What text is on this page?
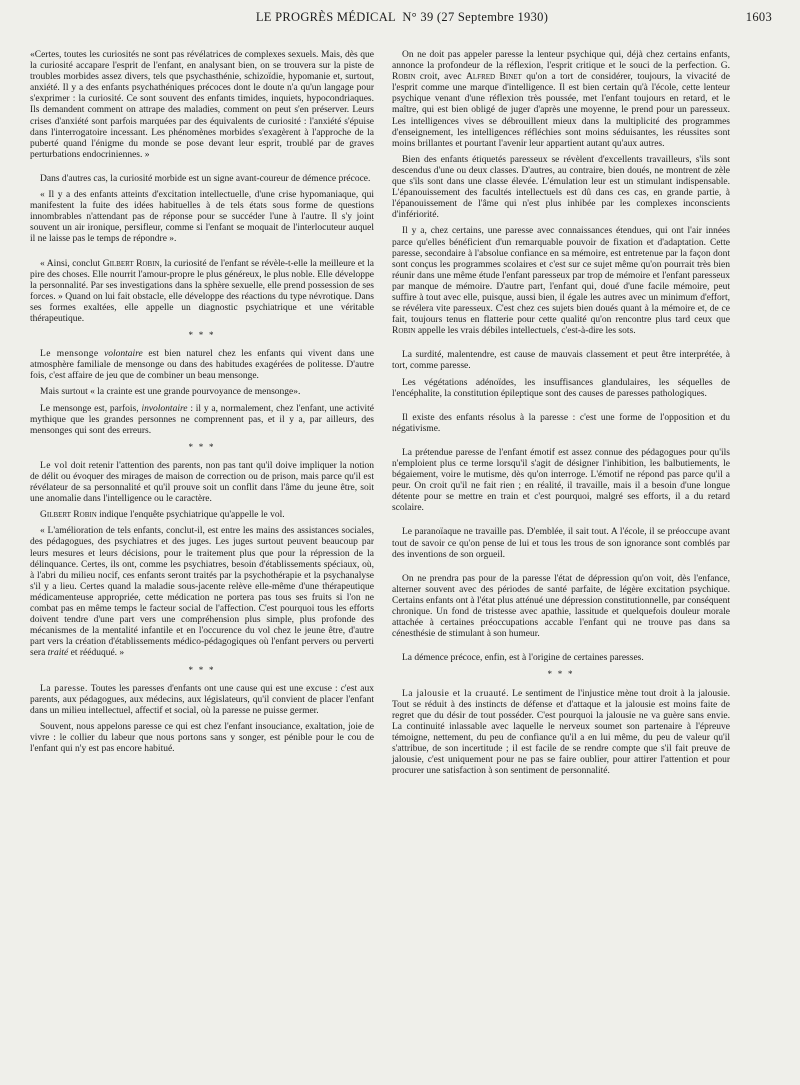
LE PROGRÈS MÉDICAL N° 39 (27 Septembre 1930)	1603

«Certes, toutes les curiosités ne sont pas révélatrices de complexes sexuels. Mais, dès que la curiosité accapare l'esprit de l'enfant, en analysant bien, on se trouvera sur la piste de troubles morbides assez divers, tels que psychasthénie, schizoïdie, hypomanie et, surtout, anxiété. Il y a des enfants psychathéniques précoces dont le doute n'a qu'un langage pour s'exprimer : la curiosité. Ce sont souvent des enfants timides, inquiets, hypocondriaques. Ils demandent comment on attrape des maladies, comment on peut s'en préserver. Leurs crises d'anxiété sont parfois marquées par des équivalents de curiosité : l'anxiété s'épuise dans l'interrogatoire incessant. Les phénomènes morbides s'exagèrent à l'approche de la puberté quand l'énigme du monde se pose devant leur esprit, troublé par de graves perturbations endocriniennes. »

Dans d'autres cas, la curiosité morbide est un signe avant-coureur de démence précoce.

« Il y a des enfants atteints d'excitation intellectuelle, d'une crise hypomaniaque, qui manifestent la fuite des idées habituelles à de tels états sous forme de questions innombrables n'attendant pas de réponse pour se succéder l'une à l'autre. Il s'y joint souvent un air ironique, persifleur, comme si l'enfant se moquait de l'interlocuteur auquel il ne laisse pas le temps de répondre ».

« Ainsi, conclut Gilbert Robin, la curiosité de l'enfant se révèle-t-elle la meilleure et la pire des choses. Elle nourrit l'amour-propre le plus généreux, le plus noble. Elle développe la personnalité. Par ses investigations dans la sphère sexuelle, elle prend possession de ses forces. » Quand on lui fait obstacle, elle développe des réactions du type névrotique. Dans ses formes exaltées, elle appelle un diagnostic psychiatrique et une véritable thérapeutique.

* * *

Le mensonge volontaire est bien naturel chez les enfants qui vivent dans une atmosphère familiale de mensonge ou dans des habitudes exagérées de politesse. D'autre fois, c'est affaire de jeu que de combiner un beau mensonge.

Mais surtout « la crainte est une grande pourvoyance de mensonge».

Le mensonge est, parfois, involontaire : il y a, normalement, chez l'enfant, une activité mythique que les grandes personnes ne comprennent pas, et il y a, par ailleurs, des mensonges qui sont des erreurs.

* * *

Le vol doit retenir l'attention des parents, non pas tant qu'il doive impliquer la notion de délit ou évoquer des mirages de maison de correction ou de prison, mais parce qu'il est révélateur de sa personnalité et qu'il prouve soit un conflit dans l'âme du jeune être, soit une anomalie dans l'intelligence ou le caractère.

Gilbert Robin indique l'enquête psychiatrique qu'appelle le vol.

« L'amélioration de tels enfants, conclut-il, est entre les mains des assistances sociales, des pédagogues, des psychiatres et des juges. Les juges surtout peuvent beaucoup par leurs mesures et leurs décisions, pour le traitement plus que pour la répression de la délinquance. Certes, ils ont, comme les psychiatres, besoin d'établissements spéciaux, où, à l'abri du milieu nocif, ces enfants seront traités par la psychothérapie et la psychanalyse s'il y a lieu. Certes quand la maladie sous-jacente relève elle-même d'une thérapeutique médicamenteuse appropriée, cette médication ne portera pas tous ses fruits si l'on ne combat pas en même temps le facteur social de l'affection. C'est pourquoi tous les efforts doivent tendre d'une part vers une compréhension plus simple, plus profonde des mécanismes de la mentalité infantile et en l'occurence du vol chez le jeune être, d'autre part vers la création d'établissements médico-pédagogiques où l'enfant pervers ou perverti sera traité et rééduqué. »

* * *

La paresse. Toutes les paresses d'enfants ont une cause qui est une excuse : c'est aux parents, aux pédagogues, aux médecins, aux législateurs, qu'il convient de placer l'enfant dans un milieu intellectuel, affectif et social, où la paresse ne puisse germer.

Souvent, nous appelons paresse ce qui est chez l'enfant insouciance, exaltation, joie de vivre : le collier du labeur que nous portons sans y songer, est pénible pour le cou de l'enfant qui n'y est pas encore habitué.

On ne doit pas appeler paresse la lenteur psychique qui, déjà chez certains enfants, annonce la profondeur de la réflexion, l'esprit critique et le souci de la perfection. G. Robin croit, avec Alfred Binet qu'on a tort de considérer, toujours, la vivacité de l'esprit comme une marque d'intelligence. Il est bien certain qu'à l'école, cette lenteur psychique venant d'une réflexion très poussée, met l'enfant toujours en retard, et le maître, qui est bien obligé de juger d'après une moyenne, le prend pour un paresseux. Les intelligences vives se débrouillent mieux dans la multiplicité des programmes d'enseignement, les intelligences réfléchies sont moins séduisantes, les réussites sont moins brillantes et pourtant l'avenir leur appartient autant qu'aux autres.

Bien des enfants étiquetés paresseux se révèlent d'excellents travailleurs, s'ils sont descendus d'une ou deux classes. D'autres, au contraire, bien doués, ne montrent de zèle que s'ils sont dans une classe élevée. L'émulation leur est un stimulant indispensable. L'épanouissement des facultés intellectuels est dû dans ces cas, en grande partie, à l'épanouissement de l'âme qui n'est plus inhibée par les complexes inconscients d'infériorité.

Il y a, chez certains, une paresse avec connaissances étendues, qui ont l'air innées parce qu'elles bénéficient d'un remarquable pouvoir de fixation et d'adaptation. Cette paresse, secondaire à l'absolue confiance en sa mémoire, est entretenue par la façon dont sont conçus les programmes scolaires et c'est sur ce sujet même qu'on pourrait très bien réunir dans une même étude l'enfant paresseux par trop de mémoire et l'enfant paresseux par manque de mémoire. D'autre part, l'enfant qui, doué d'une facile mémoire, peut suffire à tout avec elle, puisque, aussi bien, il égale les autres avec un minimum d'effort, se révélera vite paresseux. C'est chez ces sujets bien doués quant à la mémoire et, de ce fait, toujours tenus en flatterie pour cette qualité qu'on rencontre plus tard ceux que Robin appelle les vrais débiles intellectuels, c'est-à-dire les sots.

La surdité, malentendre, est cause de mauvais classement et peut être interprétée, à tort, comme paresse.

Les végétations adénoïdes, les insuffisances glandulaires, les séquelles de l'encéphalite, la constitution épileptique sont des causes de paresses pathologiques.

Il existe des enfants résolus à la paresse : c'est une forme de l'opposition et du négativisme.

La prétendue paresse de l'enfant émotif est assez connue des pédagogues pour qu'ils n'emploient plus ce terme lorsqu'il s'agit de désigner l'inhibition, les balbutiements, le bégaiement, voire le mutisme, dès qu'on interroge. L'émotif ne répond pas parce qu'il a peur. On croit qu'il ne fait rien ; en réalité, il travaille, mais il a besoin d'une longue détente pour se mettre en train et c'est pourquoi, malgré ses efforts, il a du retard scolaire.

Le paranoïaque ne travaille pas. D'emblée, il sait tout. A l'école, il se préoccupe avant tout de savoir ce qu'on pense de lui et tous les trous de son ignorance sont comblés par des inventions de son orgueil.

On ne prendra pas pour de la paresse l'état de dépression qu'on voit, dès l'enfance, alterner souvent avec des périodes de santé parfaite, de légère excitation psychique. Certains enfants ont à l'état plus atténué une dépression constitutionnelle, par conséquent chronique. Un fond de tristesse avec apathie, lassitude et quelquefois douleur morale attachée à certaines préoccupations accable l'enfant qui ne trouve pas dans sa cénesthésie de stimulant à son humeur.

La démence précoce, enfin, est à l'origine de certaines paresses.

* * *

La jalousie et la cruauté. Le sentiment de l'injustice mène tout droit à la jalousie. Tout se réduit à des instincts de défense et d'attaque et la jalousie est moins faite de regret que du désir de tout posséder. C'est pourquoi la jalousie ne va guère sans envie. La continuité inlassable avec laquelle le nerveux soumet son partenaire à l'épreuve témoigne, nettement, du peu de confiance qu'il a en lui même, du peu de valeur qu'il s'attribue, de son incertitude ; il est facile de se rendre compte que s'il fait preuve de jalousie, c'est uniquement pour ne pas se faire oublier, pour attirer l'attention et pour procurer une satisfaction à son sentiment de personnalité.
